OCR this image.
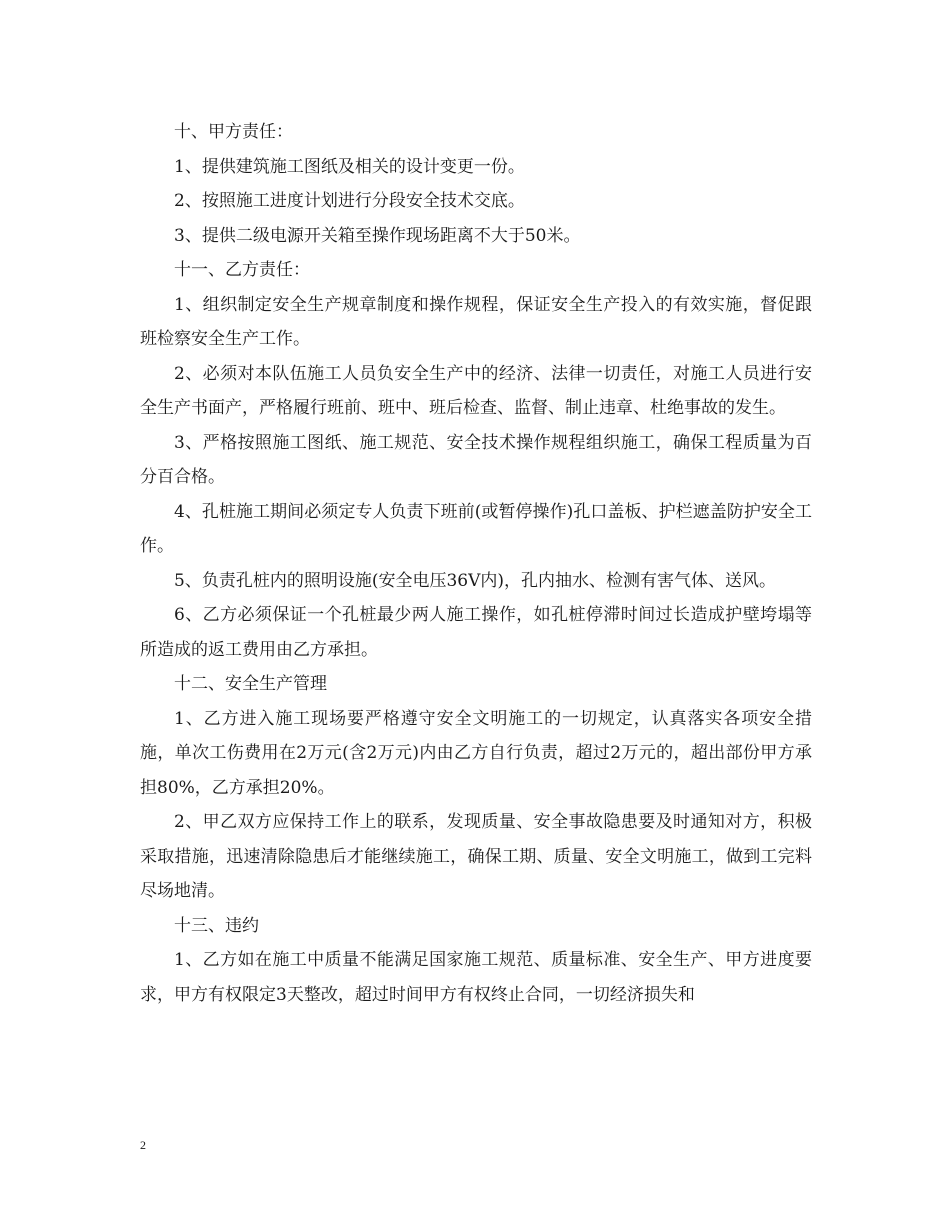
十、甲方责任：

1、提供建筑施工图纸及相关的设计变更一份。

2、按照施工进度计划进行分段安全技术交底。

3、提供二级电源开关箱至操作现场距离不大于50米。

十一、乙方责任：

1、组织制定安全生产规章制度和操作规程，保证安全生产投入的有效实施，督促跟班检察安全生产工作。

2、必须对本队伍施工人员负安全生产中的经济、法律一切责任，对施工人员进行安全生产书面产，严格履行班前、班中、班后检查、监督、制止违章、杜绝事故的发生。

3、严格按照施工图纸、施工规范、安全技术操作规程组织施工，确保工程质量为百分百合格。

4、孔桩施工期间必须定专人负责下班前(或暂停操作)孔口盖板、护栏遮盖防护安全工作。

5、负责孔桩内的照明设施(安全电压36V内)，孔内抽水、检测有害气体、送风。

6、乙方必须保证一个孔桩最少两人施工操作，如孔桩停滞时间过长造成护壁垮塌等所造成的返工费用由乙方承担。

十二、安全生产管理

1、乙方进入施工现场要严格遵守安全文明施工的一切规定，认真落实各项安全措施，单次工伤费用在2万元(含2万元)内由乙方自行负责，超过2万元的，超出部份甲方承担80%，乙方承担20%。

2、甲乙双方应保持工作上的联系，发现质量、安全事故隐患要及时通知对方，积极采取措施，迅速清除隐患后才能继续施工，确保工期、质量、安全文明施工，做到工完料尽场地清。

十三、违约

1、乙方如在施工中质量不能满足国家施工规范、质量标准、安全生产、甲方进度要求，甲方有权限定3天整改，超过时间甲方有权终止合同，一切经济损失和

2
